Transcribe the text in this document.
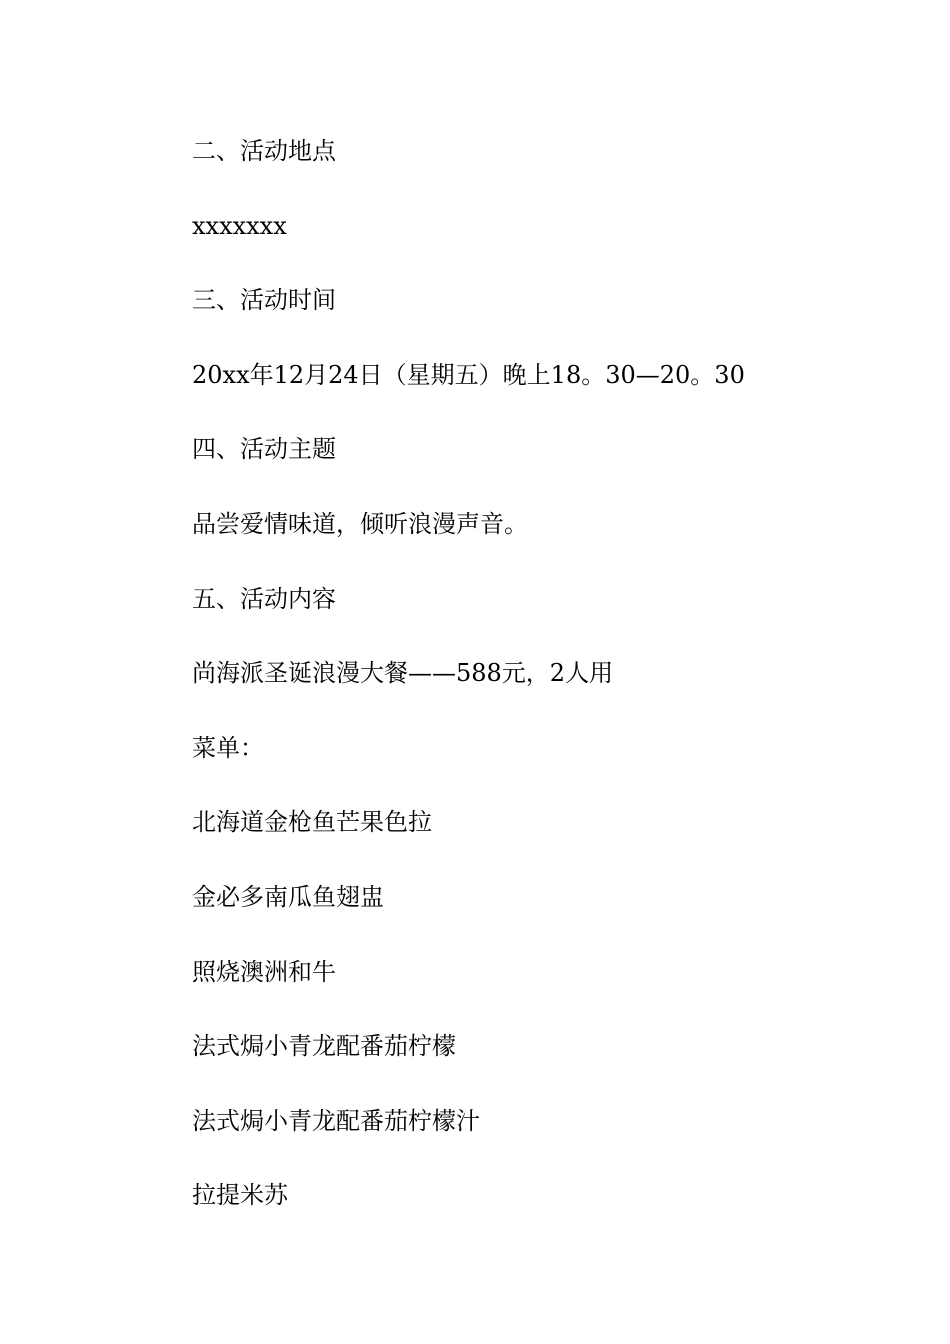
二、活动地点
xxxxxxx
三、活动时间
20xx年12月24日（星期五）晚上18。30—20。30
四、活动主题
品尝爱情味道，倾听浪漫声音。
五、活动内容
尚海派圣诞浪漫大餐——588元，2人用
菜单：
北海道金枪鱼芒果色拉
金必多南瓜鱼翅盅
照烧澳洲和牛
法式焗小青龙配番茄柠檬
法式焗小青龙配番茄柠檬汁
拉提米苏
